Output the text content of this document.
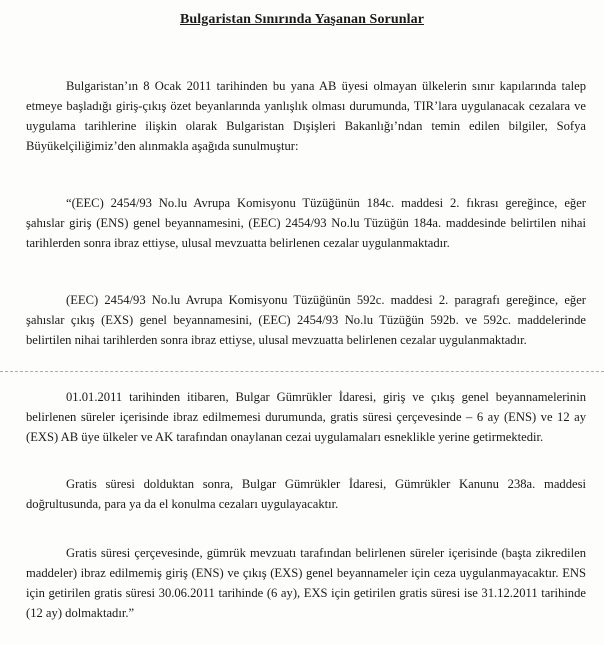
Bulgaristan Sınırında Yaşanan Sorunlar

Bulgaristan’ın 8 Ocak 2011 tarihinden bu yana AB üyesi olmayan ülkelerin sınır kapılarında talep etmeye başladığı giriş-çıkış özet beyanlarında yanlışlık olması durumunda, TIR’lara uygulanacak cezalara ve uygulama tarihlerine ilişkin olarak Bulgaristan Dışişleri Bakanlığı’ndan temin edilen bilgiler, Sofya Büyükelçiliğimiz’den alınmakla aşağıda sunulmuştur:

“(EEC) 2454/93 No.lu Avrupa Komisyonu Tüzüğünün 184c. maddesi 2. fıkrası gereğince, eğer şahıslar giriş (ENS) genel beyannamesini, (EEC) 2454/93 No.lu Tüzüğün 184a. maddesinde belirtilen nihai tarihlerden sonra ibraz ettiyse, ulusal mevzuatta belirlenen cezalar uygulanmaktadır.

(EEC) 2454/93 No.lu Avrupa Komisyonu Tüzüğünün 592c. maddesi 2. paragrafı gereğince, eğer şahıslar çıkış (EXS) genel beyannamesini, (EEC) 2454/93 No.lu Tüzüğün 592b. ve 592c. maddelerinde belirtilen nihai tarihlerden sonra ibraz ettiyse, ulusal mevzuatta belirlenen cezalar uygulanmaktadır.

01.01.2011 tarihinden itibaren, Bulgar Gümrükler İdaresi, giriş ve çıkış genel beyannamelerinin belirlenen süreler içerisinde ibraz edilmemesi durumunda, gratis süresi çerçevesinde – 6 ay (ENS) ve 12 ay (EXS) AB üye ülkeler ve AK tarafından onaylanan cezai uygulamaları esneklikle yerine getirmektedir.

Gratis süresi dolduktan sonra, Bulgar Gümrükler İdaresi, Gümrükler Kanunu 238a. maddesi doğrultusunda, para ya da el konulma cezaları uygulayacaktır.

Gratis süresi çerçevesinde, gümrük mevzuatı tarafından belirlenen süreler içerisinde (başta zikredilen maddeler) ibraz edilmemiş giriş (ENS) ve çıkış (EXS) genel beyannameler için ceza uygulanmayacaktır. ENS için getirilen gratis süresi 30.06.2011 tarihinde (6 ay), EXS için getirilen gratis süresi ise 31.12.2011 tarihinde (12 ay) dolmaktadır.”
